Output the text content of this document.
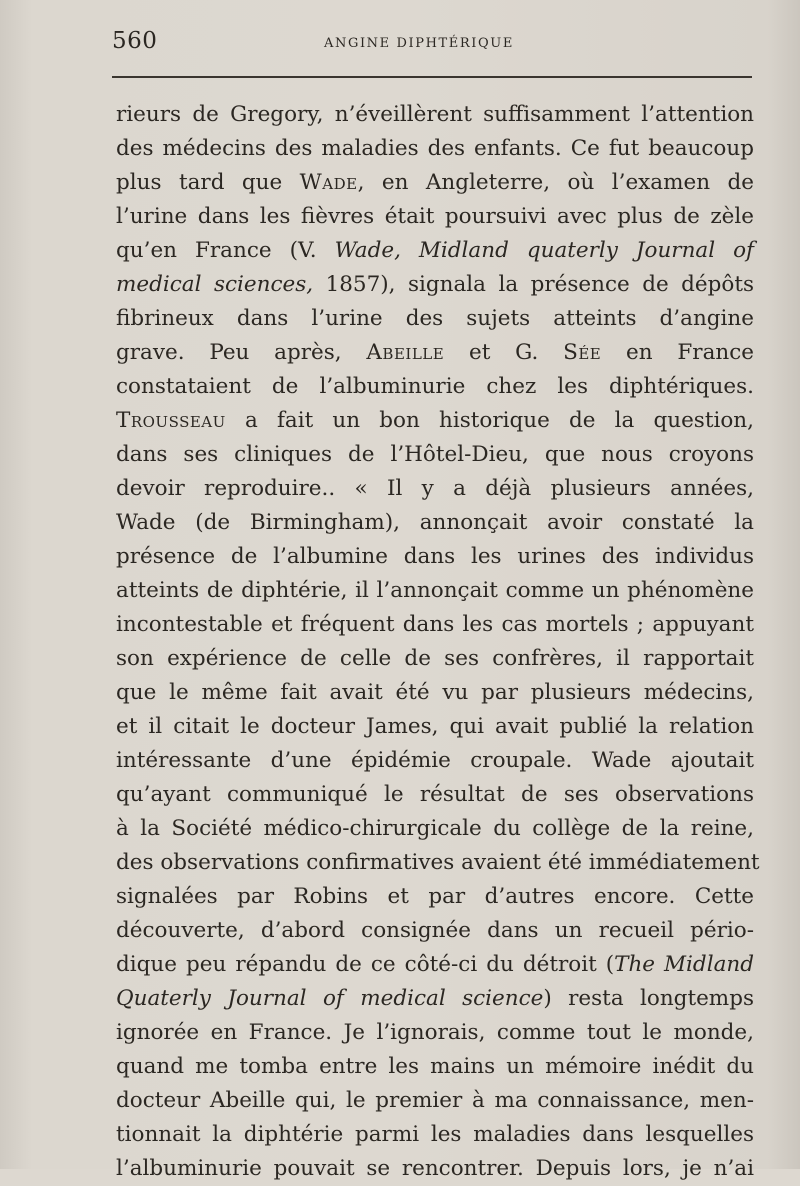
560	ANGINE DIPHTÉRIQUE
rieurs de Gregory, n’éveillèrent suffisamment l’attention
des médecins des maladies des enfants. Ce fut beaucoup
plus tard que Wade, en Angleterre, où l’examen de
l’urine dans les fièvres était poursuivi avec plus de zèle
qu’en France (V. Wade, Midland quaterly Journal of
medical sciences, 1857), signala la présence de dépôts
fibrineux dans l’urine des sujets atteints d’angine
grave. Peu après, Abeille et G. Sée en France
constataient de l’albuminurie chez les diphtériques.
Trousseau a fait un bon historique de la question,
dans ses cliniques de l’Hôtel-Dieu, que nous croyons
devoir reproduire.. « Il y a déjà plusieurs années,
Wade (de Birmingham), annonçait avoir constaté la
présence de l’albumine dans les urines des individus
atteints de diphtérie, il l’annonçait comme un phénomène
incontestable et fréquent dans les cas mortels ; appuyant
son expérience de celle de ses confrères, il rapportait
que le même fait avait été vu par plusieurs médecins,
et il citait le docteur James, qui avait publié la relation
intéressante d’une épidémie croupale. Wade ajoutait
qu’ayant communiqué le résultat de ses observations
à la Société médico-chirurgicale du collège de la reine,
des observations confirmatives avaient été immédiatement
signalées par Robins et par d’autres encore. Cette
découverte, d’abord consignée dans un recueil pério-
dique peu répandu de ce côté-ci du détroit (The Midland
Quaterly Journal of medical science) resta longtemps
ignorée en France. Je l’ignorais, comme tout le monde,
quand me tomba entre les mains un mémoire inédit du
docteur Abeille qui, le premier à ma connaissance, men-
tionnait la diphtérie parmi les maladies dans lesquelles
l’albuminurie pouvait se rencontrer. Depuis lors, je n’ai
